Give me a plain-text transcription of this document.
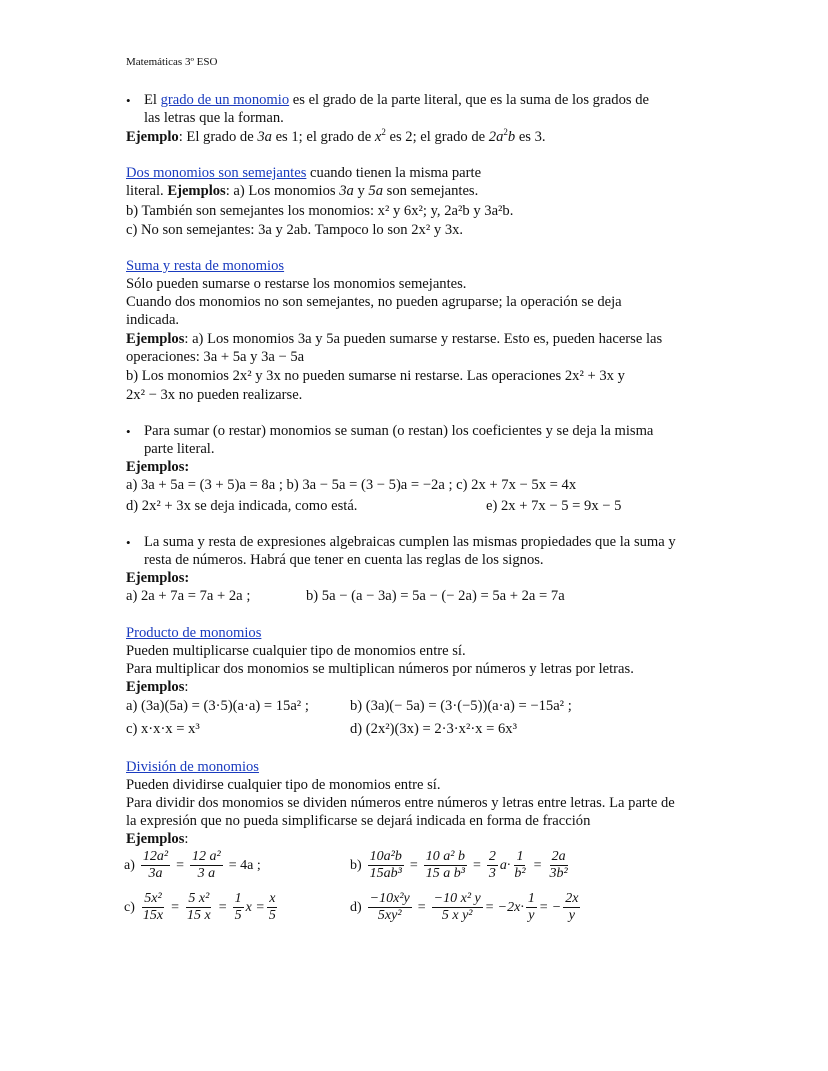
Matemáticas 3º ESO
• El grado de un monomio es el grado de la parte literal, que es la suma de los grados de
las letras que la forman.
Ejemplo: El grado de 3a es 1; el grado de $x^2$ es 2; el grado de $2a^2b$ es 3.
Dos monomios son semejantes cuando tienen la misma parte
literal. Ejemplos: a) Los monomios 3a y 5a son semejantes.
b) También son semejantes los monomios: x² y 6x²; y, 2a²b y 3a²b.
c) No son semejantes: 3a y 2ab. Tampoco lo son 2x² y 3x.
Suma y resta de monomios
Sólo pueden sumarse o restarse los monomios semejantes.
Cuando dos monomios no son semejantes, no pueden agruparse; la operación se deja
indicada.
Ejemplos: a) Los monomios 3a y 5a pueden sumarse y restarse. Esto es, pueden hacerse las
operaciones: 3a + 5a y 3a − 5a
b) Los monomios 2x² y 3x no pueden sumarse ni restarse. Las operaciones 2x² + 3x y
2x² − 3x no pueden realizarse.
• Para sumar (o restar) monomios se suman (o restan) los coeficientes y se deja la misma
parte literal.
Ejemplos:
a) 3a + 5a = (3 + 5)a = 8a ; b) 3a − 5a = (3 − 5)a = −2a ; c) 2x + 7x − 5x = 4x
d) 2x² + 3x se deja indicada, como está.	e) 2x + 7x − 5 = 9x − 5
• La suma y resta de expresiones algebraicas cumplen las mismas propiedades que la suma y
resta de números. Habrá que tener en cuenta las reglas de los signos.
Ejemplos:
a) 2a + 7a = 7a + 2a ;	b) 5a − (a − 3a) = 5a − (− 2a) = 5a + 2a = 7a
Producto de monomios
Pueden multiplicarse cualquier tipo de monomios entre sí.
Para multiplicar dos monomios se multiplican números por números y letras por letras.
Ejemplos:
a) (3a)(5a) = (3·5)(a·a) = 15a² ;	b) (3a)(− 5a) = (3·(−5))(a·a) = −15a² ;
c) x·x·x = x³	d) (2x²)(3x) = 2·3·x²·x = 6x³
División de monomios
Pueden dividirse cualquier tipo de monomios entre sí.
Para dividir dos monomios se dividen números entre números y letras entre letras. La parte de
la expresión que no pueda simplificarse se dejará indicada en forma de fracción
Ejemplos:
$a) \frac{\text{12a²}}{3a} = \frac{\text{12 a²}}{3 a} = 4a$ ;	$b) \frac{\text{10a²b}}{\text{15ab³}} = \frac{\text{10 a² b}}{\text{15 a b³}} = \frac{2}{3} a\cdot \frac{1}{\text{b²}} = \frac{2a}{\text{3b²}}$
$c) \frac{\text{5x²}}{15x} = \frac{\text{5 x²}}{15 x} = \frac{1}{5}$ $x = \frac{x}{5}$	$d) \frac{\text{−10x²y}}{\text{5xy²}} = \frac{\text{−10 x² y}}{\text{5 x y²}} = -2x\cdot \frac{1}{y}$ = − $\frac{2x}{y}$
